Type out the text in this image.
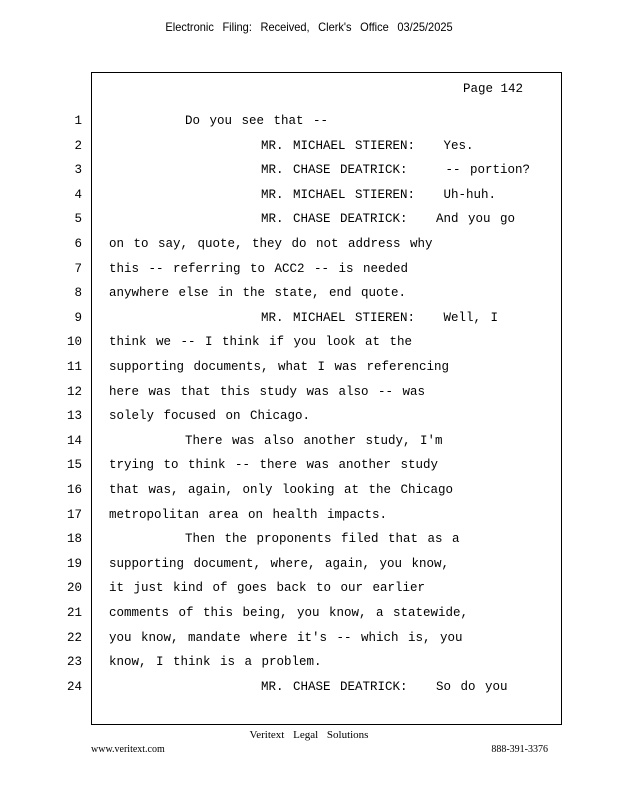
Electronic Filing: Received, Clerk's Office 03/25/2025
Page 142
1 Do you see that --
2 MR. MICHAEL STIEREN:   Yes.
3 MR. CHASE DEATRICK:    -- portion?
4 MR. MICHAEL STIEREN:   Uh-huh.
5 MR. CHASE DEATRICK:   And you go
6 on to say, quote, they do not address why
7 this -- referring to ACC2 -- is needed
8 anywhere else in the state, end quote.
9 MR. MICHAEL STIEREN:   Well, I
10 think we -- I think if you look at the
11 supporting documents, what I was referencing
12 here was that this study was also -- was
13 solely focused on Chicago.
14 There was also another study, I'm
15 trying to think -- there was another study
16 that was, again, only looking at the Chicago
17 metropolitan area on health impacts.
18 Then the proponents filed that as a
19 supporting document, where, again, you know,
20 it just kind of goes back to our earlier
21 comments of this being, you know, a statewide,
22 you know, mandate where it's -- which is, you
23 know, I think is a problem.
24 MR. CHASE DEATRICK:   So do you
Veritext Legal Solutions
www.veritext.com	888-391-3376
